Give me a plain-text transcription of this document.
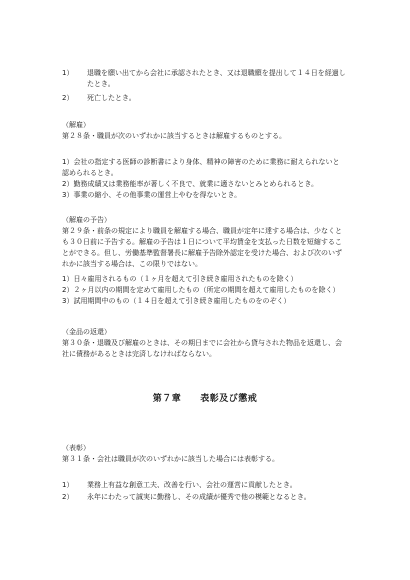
1） 退職を願い出てから会社に承認されたとき、又は退職願を提出して１４日を経過し
たとき。
2） 死亡したとき。
（解雇）
第２８条・職員が次のいずれかに該当するときは解雇するものとする。
1）会社の指定する医師の診断書により身体、精神の障害のために業務に耐えられないと
認められるとき。
2）勤務成績又は業務能率が著しく不良で、就業に適さないとみとめられるとき。
3）事業の縮小、その他事業の運営上やむを得ないとき。
（解雇の予告）
第２９条・前条の規定により職員を解雇する場合、職員が定年に達する場合は、少なくと
も３０日前に予告する。解雇の予告は１日について平均賃金を支払った日数を短縮するこ
とができる。但し、労働基準監督署長に解雇予告除外認定を受けた場合、および次のいず
れかに該当する場合は、この限りではない。
1）日々雇用されるもの（１ヶ月を超えて引き続き雇用されたものを除く）
2）２ヶ月以内の期間を定めて雇用したもの（所定の期間を超えて雇用したものを除く）
3）試用期間中のもの（１４日を超えて引き続き雇用したものをのぞく）
（金品の返還）
第３０条・退職及び解雇のときは、その期日までに会社から貸与された物品を返還し、会
社に債務があるときは完済しなければならない。
第７章　　表彰及び懲戒
（表彰）
第３１条・会社は職員が次のいずれかに該当した場合には表彰する。
1） 業務上有益な創意工夫、改善を行い、会社の運営に貢献したとき。
2） 永年にわたって誠実に勤務し、その成績が優秀で他の模範となるとき。
